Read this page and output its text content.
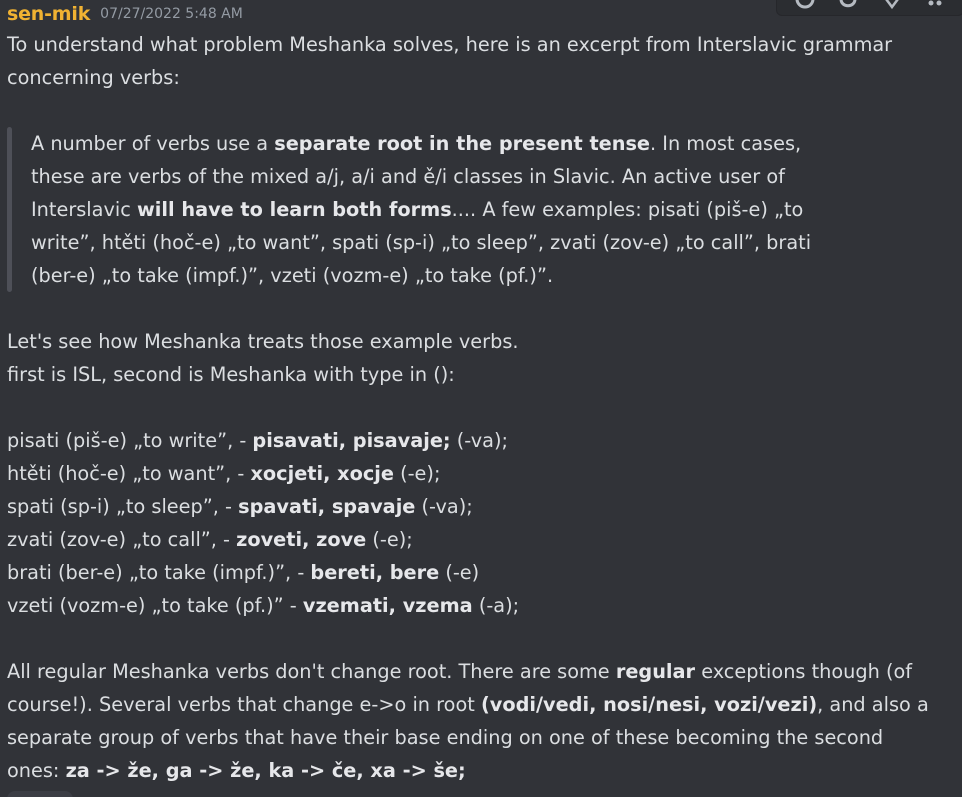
sen-mik 07/27/2022 5:48 AM
To understand what problem Meshanka solves, here is an excerpt from Interslavic grammar
concerning verbs:
A number of verbs use a separate root in the present tense. In most cases,
these are verbs of the mixed a/j, a/i and ě/i classes in Slavic. An active user of
Interslavic will have to learn both forms.... A few examples: pisati (piš-e) „to
write”, htěti (hoč-e) „to want”, spati (sp-i) „to sleep”, zvati (zov-e) „to call”, brati
(ber-e) „to take (impf.)”, vzeti (vozm-e) „to take (pf.)”.
Let's see how Meshanka treats those example verbs.
first is ISL, second is Meshanka with type in ():
pisati (piš-e) „to write”, - pisavati, pisavaje; (-va);
htěti (hoč-e) „to want”, - xocjeti, xocje (-e);
spati (sp-i) „to sleep”, - spavati, spavaje (-va);
zvati (zov-e) „to call”, - zoveti, zove (-e);
brati (ber-e) „to take (impf.)”, - bereti, bere (-e)
vzeti (vozm-e) „to take (pf.)” - vzemati, vzema (-a);
All regular Meshanka verbs don't change root. There are some regular exceptions though (of
course!). Several verbs that change e->o in root (vodi/vedi, nosi/nesi, vozi/vezi), and also a
separate group of verbs that have their base ending on one of these becoming the second
ones: za -> že, ga -> že, ka -> če, xa -> še;
